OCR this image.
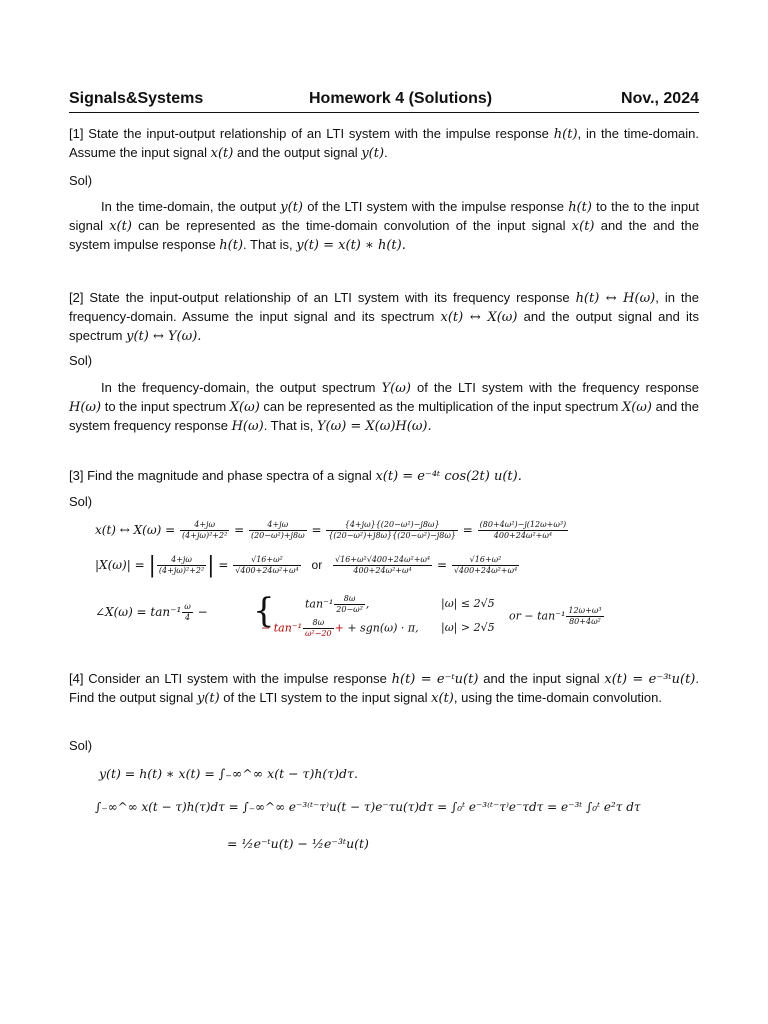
Signals&Systems	Homework 4 (Solutions)	Nov., 2024
[1] State the input-output relationship of an LTI system with the impulse response h(t), in the time-domain. Assume the input signal x(t) and the output signal y(t).
Sol)
In the time-domain, the output y(t) of the LTI system with the impulse response h(t) to the to the input signal x(t) can be represented as the time-domain convolution of the input signal x(t) and the and the system impulse response h(t). That is, y(t) = x(t) ∗ h(t).
[2] State the input-output relationship of an LTI system with its frequency response h(t) ↔ H(ω), in the frequency-domain. Assume the input signal and its spectrum x(t) ↔ X(ω) and the output signal and its spectrum y(t) ↔ Y(ω).
Sol)
In the frequency-domain, the output spectrum Y(ω) of the LTI system with the frequency response H(ω) to the input spectrum X(ω) can be represented as the multiplication of the input spectrum X(ω) and the system frequency response H(ω). That is, Y(ω) = X(ω)H(ω).
[3] Find the magnitude and phase spectra of a signal x(t) = e⁻⁴ᵗ cos(2t) u(t).
Sol)
x(t) ↔ $X(\omega) = \frac{4+j\omega}{\text{(4+jω)²+2²}} = \frac{4+j\omega}{\text{(20−ω²)+j8ω}} = \frac{\text{\{4+jω\}\{(20−ω²)−j8ω\}}}{\text{\{(20−ω²)+j8ω\}\{(20−ω²)−j8ω\}}} = \frac{\text{(80+4ω²)−j(12ω+ω³)}}{\text{400+24ω²+ω⁴}}$
|X(ω)| = | $\frac{4+j\omega}{\text{(4+jω)²+2²}}$ | = $\frac{\text{√16+ω²}}{\text{√400+24ω²+ω⁴}}$ or $\frac{\text{√16+ω²√400+24ω²+ω⁴}}{\text{400+24ω²+ω⁴}} = \frac{\text{√16+ω²}}{\text{√400+24ω²+ω⁴}}$
∠X(ω) = $\tan^{-1} \frac{\omega}{4}$ − {	$\tan^{-1} \frac{8\omega}{\text{20−ω²}}$ ,	|ω| ≤ 2√5
− $\tan^{-1} \frac{8\omega}{\text{ω²−20}}$ + + sgn(ω) · π, |ω| > 2√5
or − $\tan^{-1} \frac{\text{12ω+ω³}}{\text{80+4ω²}}$
[4] Consider an LTI system with the impulse response h(t) = e⁻ᵗu(t) and the input signal x(t) = e⁻³ᵗu(t). Find the output signal y(t) of the LTI system to the input signal x(t), using the time-domain convolution.
Sol)
y(t) = h(t) ∗ x(t) = ∫₋∞^∞ x(t − τ)h(τ)dτ.
∫₋∞^∞ x(t − τ)h(τ)dτ = ∫₋∞^∞ e⁻³⁽ᵗ⁻τ⁾u(t − τ)e⁻τu(τ)dτ = ∫₀ᵗ e⁻³⁽ᵗ⁻τ⁾e⁻τdτ = e⁻³ᵗ ∫₀ᵗ e²τ dτ
= ½e⁻ᵗu(t) − ½e⁻³ᵗu(t)
